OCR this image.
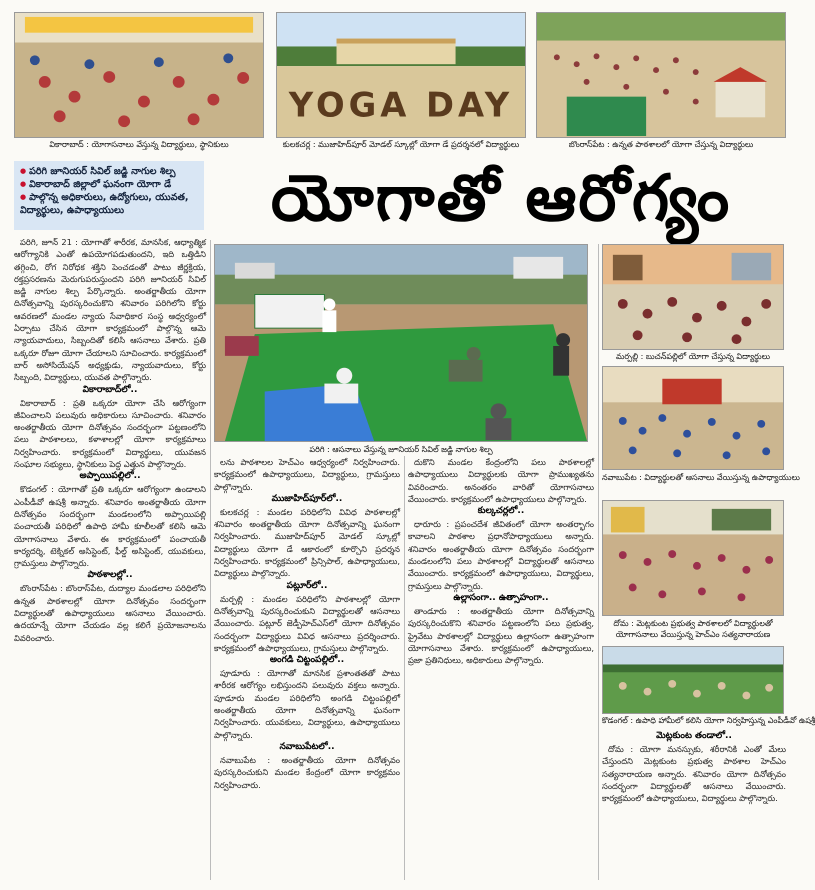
వికారాబాద్ : యోగాసనాలు వేస్తున్న విద్యార్థులు, స్థానికులు
YOGA DAY
కులకచర్ల : ముజాహిద్‌పూర్ మోడల్ స్కూల్లో యోగా డే ప్రదర్శనలో విద్యార్థులు	బొంరాస్‌పేట : ఉన్నత పాఠశాలలో యోగా చేస్తున్న విద్యార్థులు
● పరిగి జూనియర్ సివిల్ జడ్జి నాగుల శిల్ప
● వికారాబాద్ జిల్లాలో ఘనంగా యోగా డే
● పాల్గొన్న అధికారులు, ఉద్యోగులు, యువత, విద్యార్థులు, ఉపాధ్యాయులు	యోగాతో ఆరోగ్యం
పరిగి : ఆసనాలు వేస్తున్న జూనియర్ సివిల్ జడ్జి నాగుల శిల్ప
మర్పల్లి : బుచన్‌పల్లిలో యోగా చేస్తున్న విద్యార్థులు
నవాబుపేట : విద్యార్థులతో ఆసనాలు వేయిస్తున్న ఉపాధ్యాయులు
దోమ : మెట్లకుంట ప్రభుత్వ పాఠశాలలో విద్యార్థులతో యోగాసనాలు వేయిస్తున్న హెచ్ఎం సత్యనారాయణ
కొడంగల్ : ఉపాధి హామీలో కలిసి యోగా నిర్వహిస్తున్న ఎంపీడీవో ఉషశ్రీ

పరిగి, జూన్ 21 : యోగాతో శారీరక, మానసిక, ఆధ్యాత్మిక ఆరోగ్యానికి ఎంతో ఉపయోగపడుతుందని, ఇది ఒత్తిడిని తగ్గించి, రోగ నిరోధక శక్తిని పెంచడంతో పాటు జీర్ణక్రియ, రక్తప్రసరణను మెరుగుపరుస్తుందని పరిగి జూనియర్ సివిల్ జడ్జి నాగుల శిల్ప పేర్కొన్నారు. అంతర్జాతీయ యోగా దినోత్సవాన్ని పురస్కరించుకొని శనివారం పరిగిలోని కోర్టు ఆవరణలో మండల న్యాయ సేవాధికార సంస్థ ఆధ్వర్యంలో ఏర్పాటు చేసిన యోగా కార్యక్రమంలో పాల్గొన్న ఆమె న్యాయవాదులు, సిబ్బందితో కలిసి ఆసనాలు వేశారు. ప్రతి ఒక్కరూ రోజూ యోగా చేయాలని సూచించారు. కార్యక్రమంలో బార్ అసోసియేషన్ అధ్యక్షుడు, న్యాయవాదులు, కోర్టు సిబ్బంది, విద్యార్థులు, యువత పాల్గొన్నారు.

వికారాబాద్‌లో..

వికారాబాద్ : ప్రతి ఒక్కరూ యోగా చేసి ఆరోగ్యంగా జీవించాలని పలువురు అధికారులు సూచించారు. శనివారం అంతర్జాతీయ యోగా దినోత్సవం సందర్భంగా పట్టణంలోని పలు పాఠశాలలు, కళాశాలల్లో యోగా కార్యక్రమాలు నిర్వహించారు. కార్యక్రమంలో విద్యార్థులు, యువజన సంఘాల సభ్యులు, స్థానికులు పెద్ద ఎత్తున పాల్గొన్నారు.

అప్పాయిపల్లిలో..

కొడంగల్ : యోగాతో ప్రతి ఒక్కరూ ఆరోగ్యంగా ఉండాలని ఎంపీడీవో ఉషశ్రీ అన్నారు. శనివారం అంతర్జాతీయ యోగా దినోత్సవం సందర్భంగా మండలంలోని అప్పాయిపల్లి పంచాయతీ పరిధిలో ఉపాధి హామీ కూలీలతో కలిసి ఆమె యోగాసనాలు వేశారు. ఈ కార్యక్రమంలో పంచాయతీ కార్యదర్శి, టెక్నికల్ అసిస్టెంట్, ఫీల్డ్ అసిస్టెంట్, యువకులు, గ్రామస్తులు పాల్గొన్నారు.

పాఠశాలల్లో..

బొంరాస్‌పేట : బొంరాస్‌పేట, దుద్యాల మండలాల పరిధిలోని ఉన్నత పాఠశాలల్లో యోగా దినోత్సవం సందర్భంగా విద్యార్థులతో ఉపాధ్యాయులు ఆసనాలు వేయించారు. ఉదయాన్నే యోగా చేయడం వల్ల కలిగే ప్రయోజనాలను వివరించారు.

లను పాఠశాలల హెచ్ఎం ఆధ్వర్యంలో నిర్వహించారు. కార్యక్రమంలో ఉపాధ్యాయులు, విద్యార్థులు, గ్రామస్తులు పాల్గొన్నారు.

ముజాహిద్‌పూర్‌లో..

కులకచర్ల : మండల పరిధిలోని వివిధ పాఠశాలల్లో శనివారం అంతర్జాతీయ యోగా దినోత్సవాన్ని ఘనంగా నిర్వహించారు. ముజాహిద్‌పూర్ మోడల్ స్కూల్లో విద్యార్థులు యోగా డే ఆకారంలో కూర్చొని ప్రదర్శన నిర్వహించారు. కార్యక్రమంలో ప్రిన్సిపాల్, ఉపాధ్యాయులు, విద్యార్థులు పాల్గొన్నారు.

పట్లూర్‌లో..

మర్పల్లి : మండల పరిధిలోని పాఠశాలల్లో యోగా దినోత్సవాన్ని పురస్కరించుకుని విద్యార్థులతో ఆసనాలు వేయించారు. పట్లూర్ జెడ్పీహెచ్ఎస్‌లో యోగా దినోత్సవం సందర్భంగా విద్యార్థులు వివిధ ఆసనాలు ప్రదర్శించారు. కార్యక్రమంలో ఉపాధ్యాయులు, గ్రామస్తులు పాల్గొన్నారు.

అంగడి చిట్టంపల్లిలో..

పూడూరు : యోగాతో మానసిక ప్రశాంతతతో పాటు శారీరక ఆరోగ్యం లభిస్తుందని పలువురు వక్తలు అన్నారు. పూడూరు మండల పరిధిలోని అంగడి చిట్టంపల్లిలో అంతర్జాతీయ యోగా దినోత్సవాన్ని ఘనంగా నిర్వహించారు. యువకులు, విద్యార్థులు, ఉపాధ్యాయులు పాల్గొన్నారు.

నవాబుపేటలో..

నవాబుపేట : అంతర్జాతీయ యోగా దినోత్సవం పురస్కరించుకుని మండల కేంద్రంలో యోగా కార్యక్రమం నిర్వహించారు.

దుకొని మండల కేంద్రంలోని పలు పాఠశాలల్లో ఉపాధ్యాయులు విద్యార్థులకు యోగా ప్రాముఖ్యతను వివరించారు. అనంతరం వారితో యోగాసనాలు వేయించారు. కార్యక్రమంలో ఉపాధ్యాయులు పాల్గొన్నారు.

కుల్కచర్లలో..

ధారూరు : ప్రపంచదేశ జీవితంలో యోగా అంతర్భాగం కావాలని పాఠశాల ప్రధానోపాధ్యాయులు అన్నారు. శనివారం అంతర్జాతీయ యోగా దినోత్సవం సందర్భంగా మండలంలోని పలు పాఠశాలల్లో విద్యార్థులతో ఆసనాలు వేయించారు. కార్యక్రమంలో ఉపాధ్యాయులు, విద్యార్థులు, గ్రామస్తులు పాల్గొన్నారు.

ఉల్లాసంగా.. ఉత్సాహంగా..

తాండూరు : అంతర్జాతీయ యోగా దినోత్సవాన్ని పురస్కరించుకొని శనివారం పట్టణంలోని పలు ప్రభుత్వ, ప్రైవేటు పాఠశాలల్లో విద్యార్థులు ఉల్లాసంగా ఉత్సాహంగా యోగాసనాలు వేశారు. కార్యక్రమంలో ఉపాధ్యాయులు, ప్రజా ప్రతినిధులు, అధికారులు పాల్గొన్నారు.

మెట్లకుంట తండాలో..

దోమ : యోగా మనస్సుకు, శరీరానికి ఎంతో మేలు చేస్తుందని మెట్లకుంట ప్రభుత్వ పాఠశాల హెచ్ఎం సత్యనారాయణ అన్నారు. శనివారం యోగా దినోత్సవం సందర్భంగా విద్యార్థులతో ఆసనాలు వేయించారు. కార్యక్రమంలో ఉపాధ్యాయులు, విద్యార్థులు పాల్గొన్నారు.
